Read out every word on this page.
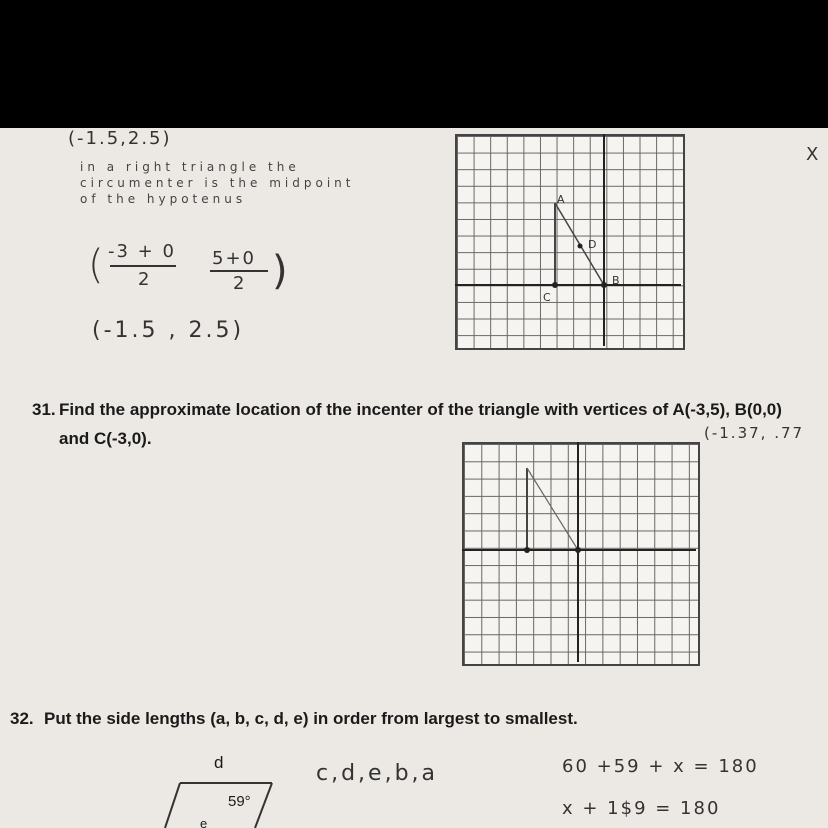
(-1.5,2.5)
in a right triangle the
circumenter is the midpoint
of the hypotenus
( -3 + 0
2
5+0
2 )
(-1.5 , 2.5)
A
D
B
C
X
31. Find the approximate location of the incenter of the triangle with vertices of A(-3,5), B(0,0)
and C(-3,0).	(-1.37, .77
32. Put the side lengths (a, b, c, d, e) in order from largest to smallest.
d
59°
e
c,d,e,b,a	60 +59 + x = 180
x + 1$9 = 180
